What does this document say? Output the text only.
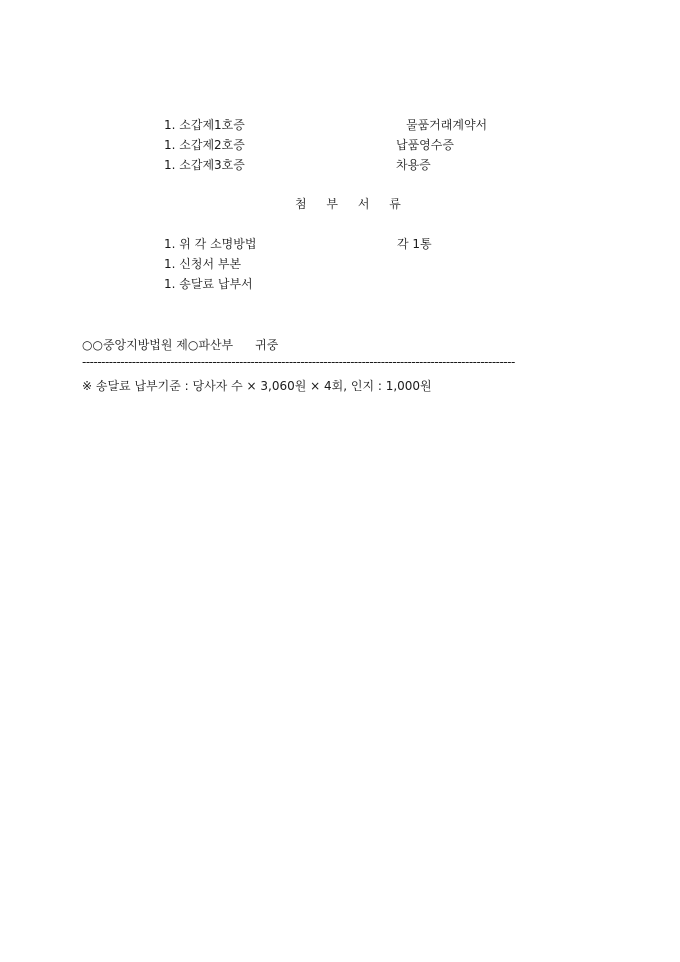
1. 소갑제1호증	물품거래계약서
1. 소갑제2호증	납품영수증
1. 소갑제3호증	차용증
첨 부 서 류
1. 위 각 소명방법	각 1통
1. 신청서 부본
1. 송달료 납부서
○○중앙지방법원 제○파산부 귀중
-----------------------------------------------------------------------------------------------------------------
※ 송달료 납부기준 : 당사자 수 × 3,060원 × 4회, 인지 : 1,000원
